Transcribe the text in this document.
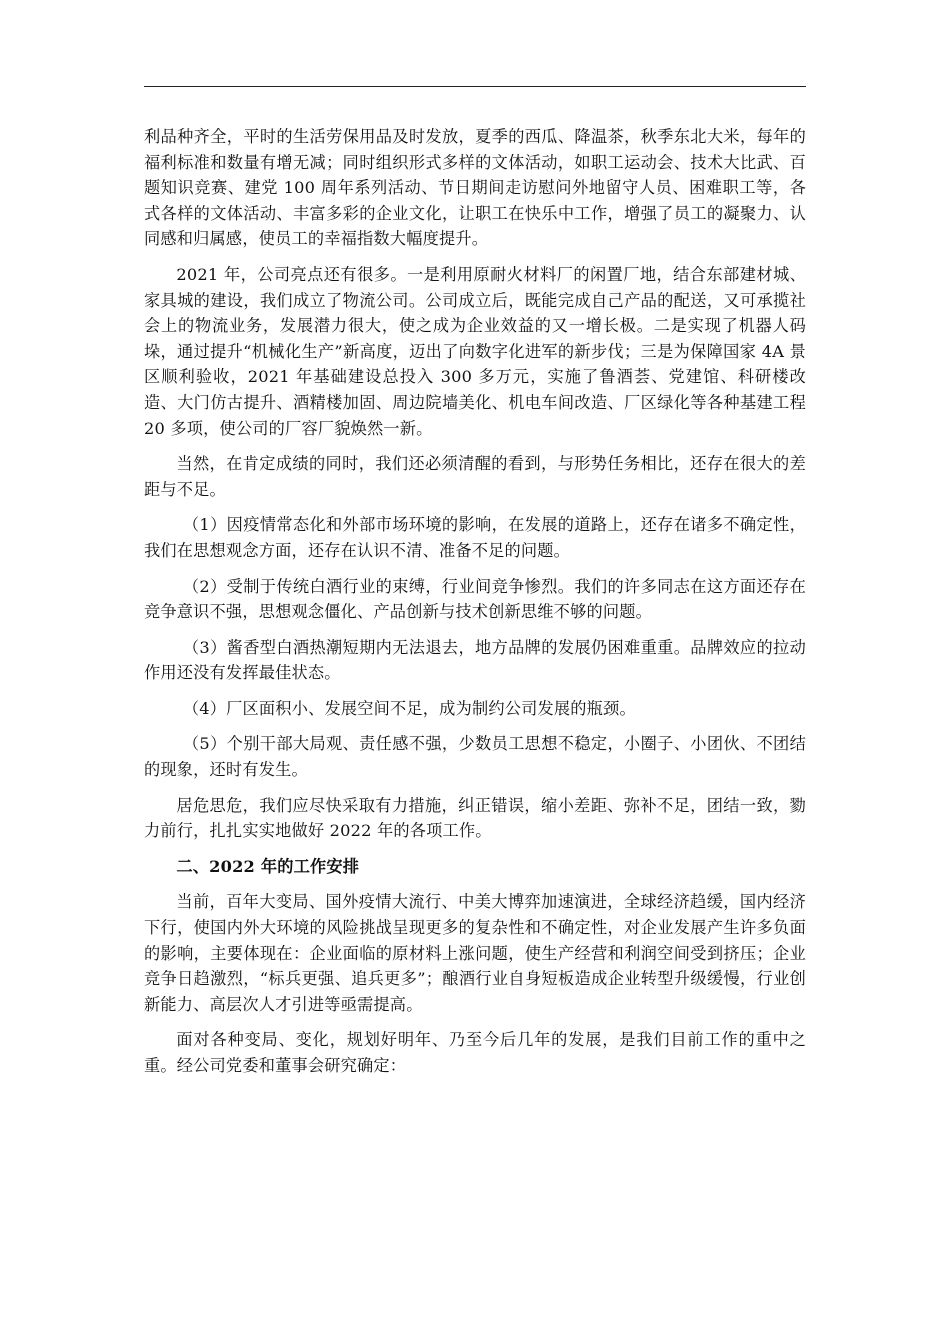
利品种齐全，平时的生活劳保用品及时发放，夏季的西瓜、降温茶，秋季东北大米，每年的福利标准和数量有增无减；同时组织形式多样的文体活动，如职工运动会、技术大比武、百题知识竞赛、建党 100 周年系列活动、节日期间走访慰问外地留守人员、困难职工等，各式各样的文体活动、丰富多彩的企业文化，让职工在快乐中工作，增强了员工的凝聚力、认同感和归属感，使员工的幸福指数大幅度提升。

2021 年，公司亮点还有很多。一是利用原耐火材料厂的闲置厂地，结合东部建材城、家具城的建设，我们成立了物流公司。公司成立后，既能完成自己产品的配送，又可承揽社会上的物流业务，发展潜力很大，使之成为企业效益的又一增长极。二是实现了机器人码垛，通过提升“机械化生产”新高度，迈出了向数字化进军的新步伐；三是为保障国家 4A 景区顺利验收，2021 年基础建设总投入 300 多万元，实施了鲁酒荟、党建馆、科研楼改造、大门仿古提升、酒精楼加固、周边院墙美化、机电车间改造、厂区绿化等各种基建工程 20 多项，使公司的厂容厂貌焕然一新。

当然，在肯定成绩的同时，我们还必须清醒的看到，与形势任务相比，还存在很大的差距与不足。

（1）因疫情常态化和外部市场环境的影响，在发展的道路上，还存在诸多不确定性，我们在思想观念方面，还存在认识不清、准备不足的问题。

（2）受制于传统白酒行业的束缚，行业间竞争惨烈。我们的许多同志在这方面还存在竞争意识不强，思想观念僵化、产品创新与技术创新思维不够的问题。

（3）酱香型白酒热潮短期内无法退去，地方品牌的发展仍困难重重。品牌效应的拉动作用还没有发挥最佳状态。

（4）厂区面积小、发展空间不足，成为制约公司发展的瓶颈。

（5）个别干部大局观、责任感不强，少数员工思想不稳定，小圈子、小团伙、不团结的现象，还时有发生。

居危思危，我们应尽快采取有力措施，纠正错误，缩小差距、弥补不足，团结一致，勠力前行，扎扎实实地做好 2022 年的各项工作。

二、2022 年的工作安排

当前，百年大变局、国外疫情大流行、中美大博弈加速演进，全球经济趋缓，国内经济下行，使国内外大环境的风险挑战呈现更多的复杂性和不确定性，对企业发展产生许多负面的影响，主要体现在：企业面临的原材料上涨问题，使生产经营和利润空间受到挤压；企业竞争日趋激烈，“标兵更强、追兵更多”；酿酒行业自身短板造成企业转型升级缓慢，行业创新能力、高层次人才引进等亟需提高。

面对各种变局、变化，规划好明年、乃至今后几年的发展，是我们目前工作的重中之重。经公司党委和董事会研究确定：
